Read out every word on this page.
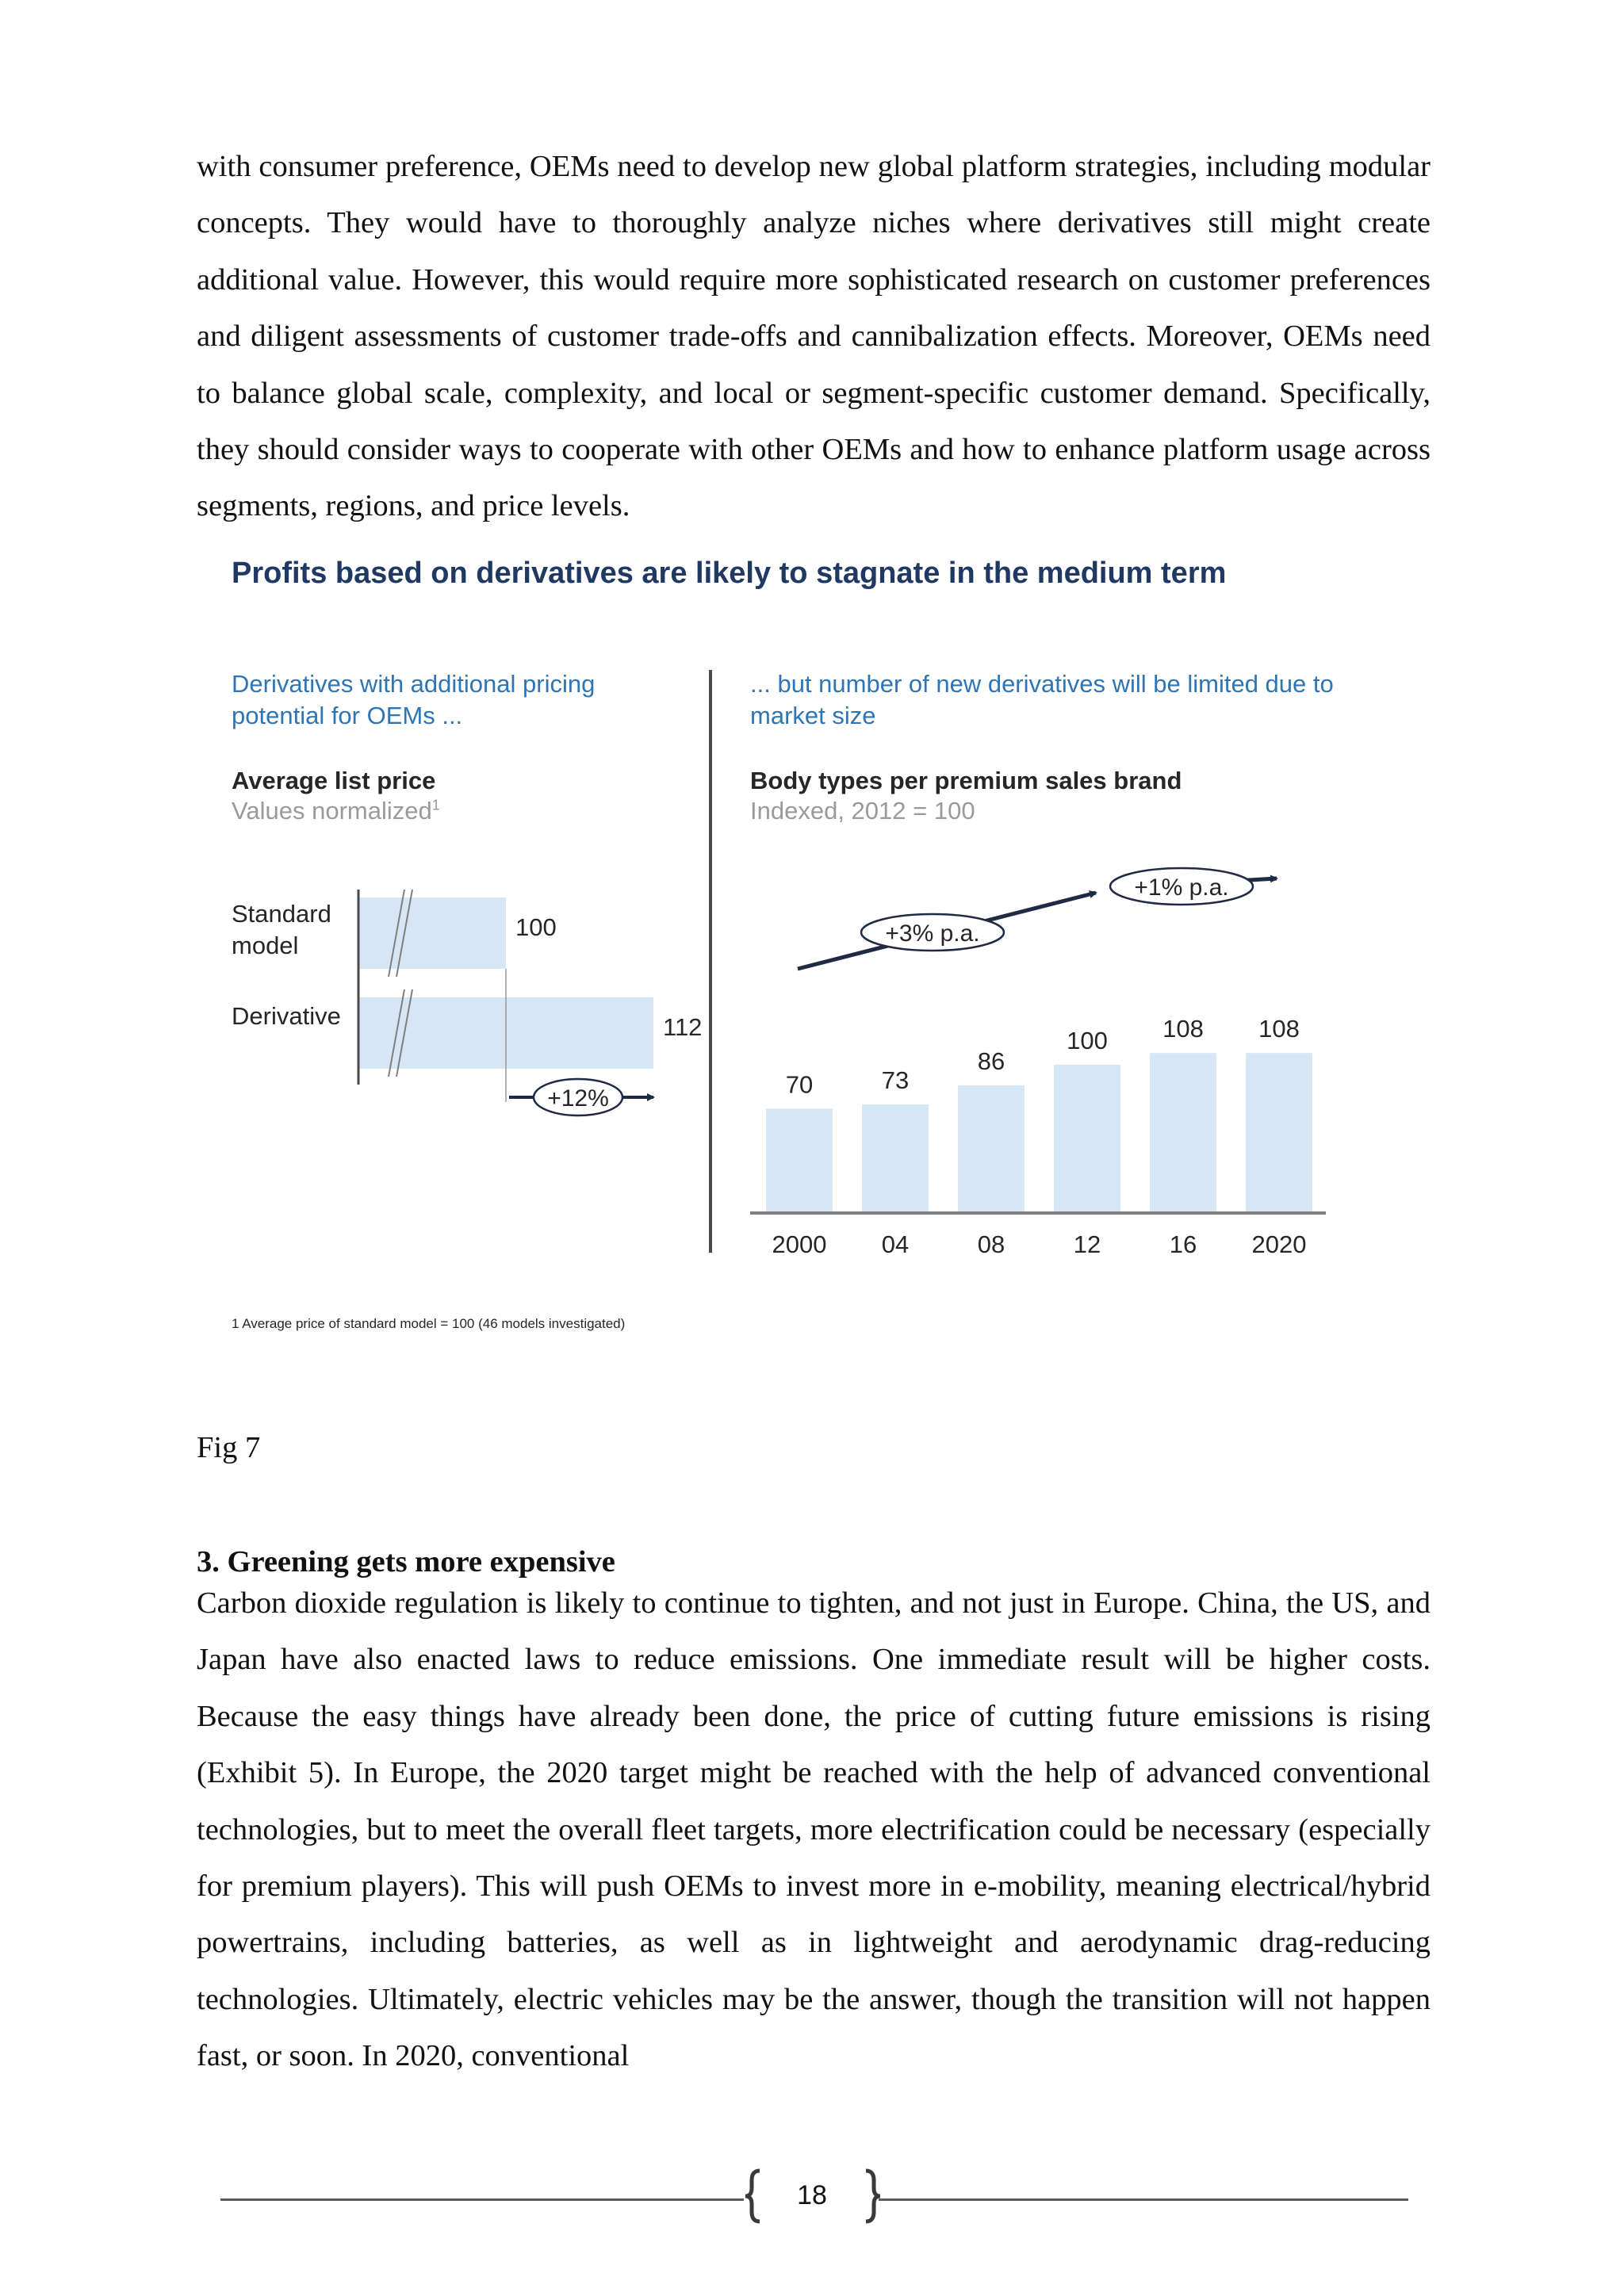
with consumer preference, OEMs need to develop new global platform strategies, including modular concepts. They would have to thoroughly analyze niches where derivatives still might create additional value. However, this would require more sophisticated research on customer preferences and diligent assessments of customer trade-offs and cannibalization effects. Moreover, OEMs need to balance global scale, complexity, and local or segment-specific customer demand. Specifically, they should consider ways to cooperate with other OEMs and how to enhance platform usage across segments, regions, and price levels.

Profits based on derivatives are likely to stagnate in the medium term
Derivatives with additional pricing potential for OEMs ...
Average list price
Values normalized$^1$
Standard model
Derivative
... but number of new derivatives will be limited due to market size
Body types per premium sales brand
Indexed, 2012 = 100
100
112
+12%	70
2000
73
04
86
08
100
12
108
16
108
2020
+3% p.a.
+1% p.a.
1 Average price of standard model = 100 (46 models investigated)

Fig 7

3. Greening gets more expensive

Carbon dioxide regulation is likely to continue to tighten, and not just in Europe. China, the US, and Japan have also enacted laws to reduce emissions. One immediate result will be higher costs. Because the easy things have already been done, the price of cutting future emissions is rising (Exhibit 5). In Europe, the 2020 target might be reached with the help of advanced conventional technologies, but to meet the overall fleet targets, more electrification could be necessary (especially for premium players). This will push OEMs to invest more in e-mobility, meaning electrical/hybrid powertrains, including batteries, as well as in lightweight and aerodynamic drag-reducing technologies. Ultimately, electric vehicles may be the answer, though the transition will not happen fast, or soon. In 2020, conventional

18
